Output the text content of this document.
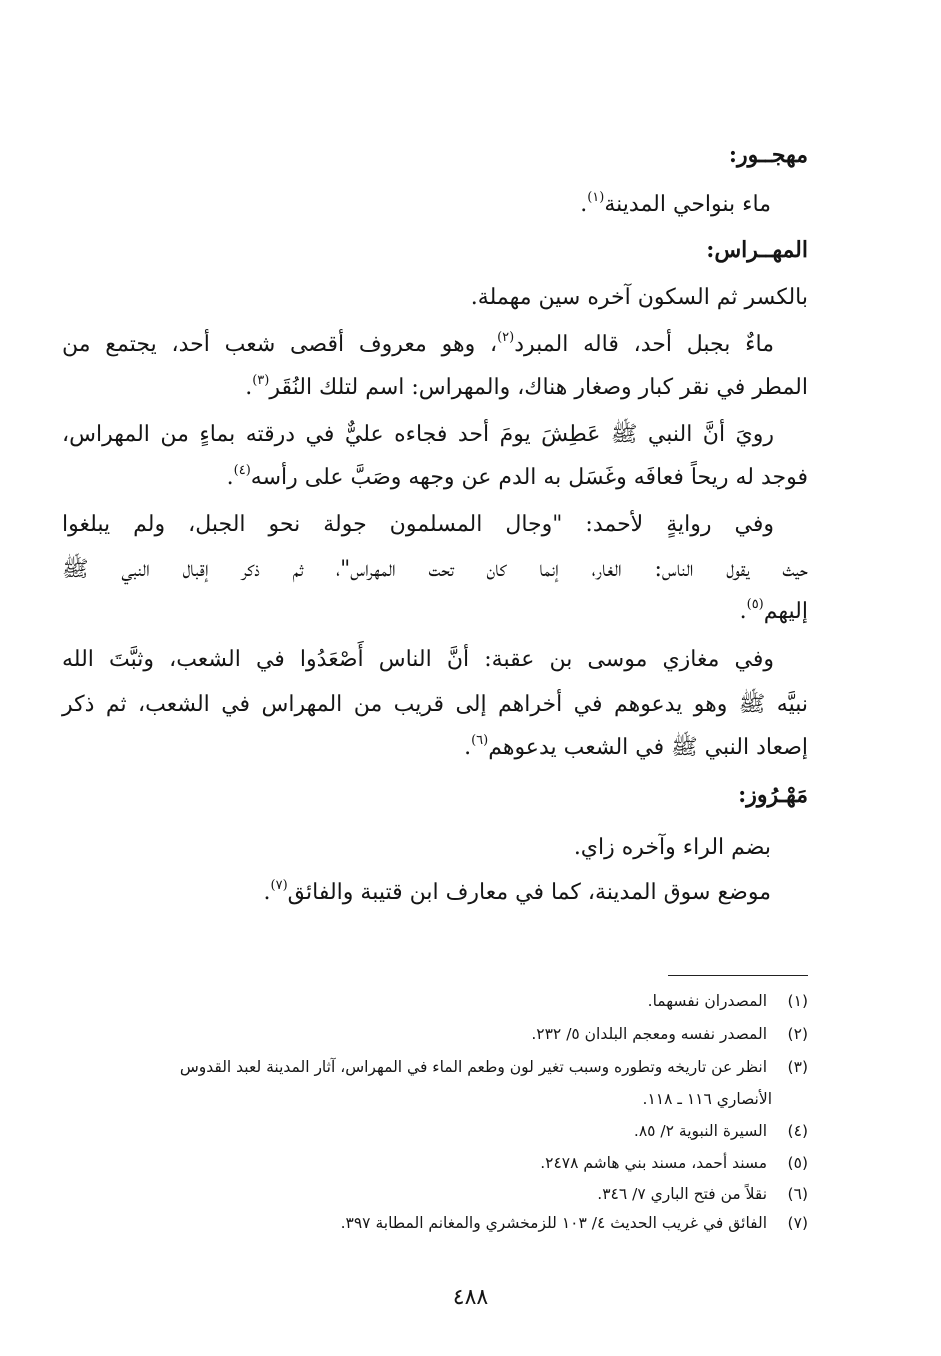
مهجــور:
ماء بنواحي المدينة$^{(١)}$.
المهــراس:
بالكسر ثم السكون آخره سين مهملة.
ماءٌ بجبل أحد، قاله المبرد$^{(٢)}$، وهو معروف أقصى شعب أحد، يجتمع من
المطر في نقر كبار وصغار هناك، والمهراس: اسم لتلك النُقَر$^{(٣)}$.
رويَ أنَّ النبي ﷺ عَطِشَ يومَ أحد فجاءه عليٌّ في درقته بماءٍ من المهراس،
فوجد له ريحاً فعافَه وغَسَل به الدم عن وجهه وصَبَّ على رأسه$^{(٤)}$.
وفي روايةٍ لأحمد: "وجال المسلمون جولة نحو الجبل، ولم يبلغوا
حيث يقول الناس: الغار، إنما كان تحت المهراس"، ثم ذكر إقبال النبي ﷺ
إليهم$^{(٥)}$.
وفي مغازي موسى بن عقبة: أنَّ الناس أَصْعَدُوا في الشعب، وثبَّتَ الله
نبيَّه ﷺ وهو يدعوهم في أخراهم إلى قريب من المهراس في الشعب، ثم ذكر
إصعاد النبي ﷺ في الشعب يدعوهم$^{(٦)}$.
مَهْـرُوز:
بضم الراء وآخره زاي.
موضع سوق المدينة، كما في معارف ابن قتيبة والفائق$^{(٧)}$.
(١) المصدران نفسهما.
(٢) المصدر نفسه ومعجم البلدان ٥/ ٢٣٢.
(٣) انظر عن تاريخه وتطوره وسبب تغير لون وطعم الماء في المهراس، آثار المدينة لعبد القدوس
الأنصاري ١١٦ ـ ١١٨.
(٤) السيرة النبوية ٢/ ٨٥.
(٥) مسند أحمد، مسند بني هاشم ٢٤٧٨.
(٦) نقلاً من فتح الباري ٧/ ٣٤٦.
(٧) الفائق في غريب الحديث ٤/ ١٠٣ للزمخشري والمغانم المطابة ٣٩٧.
٤٨٨
